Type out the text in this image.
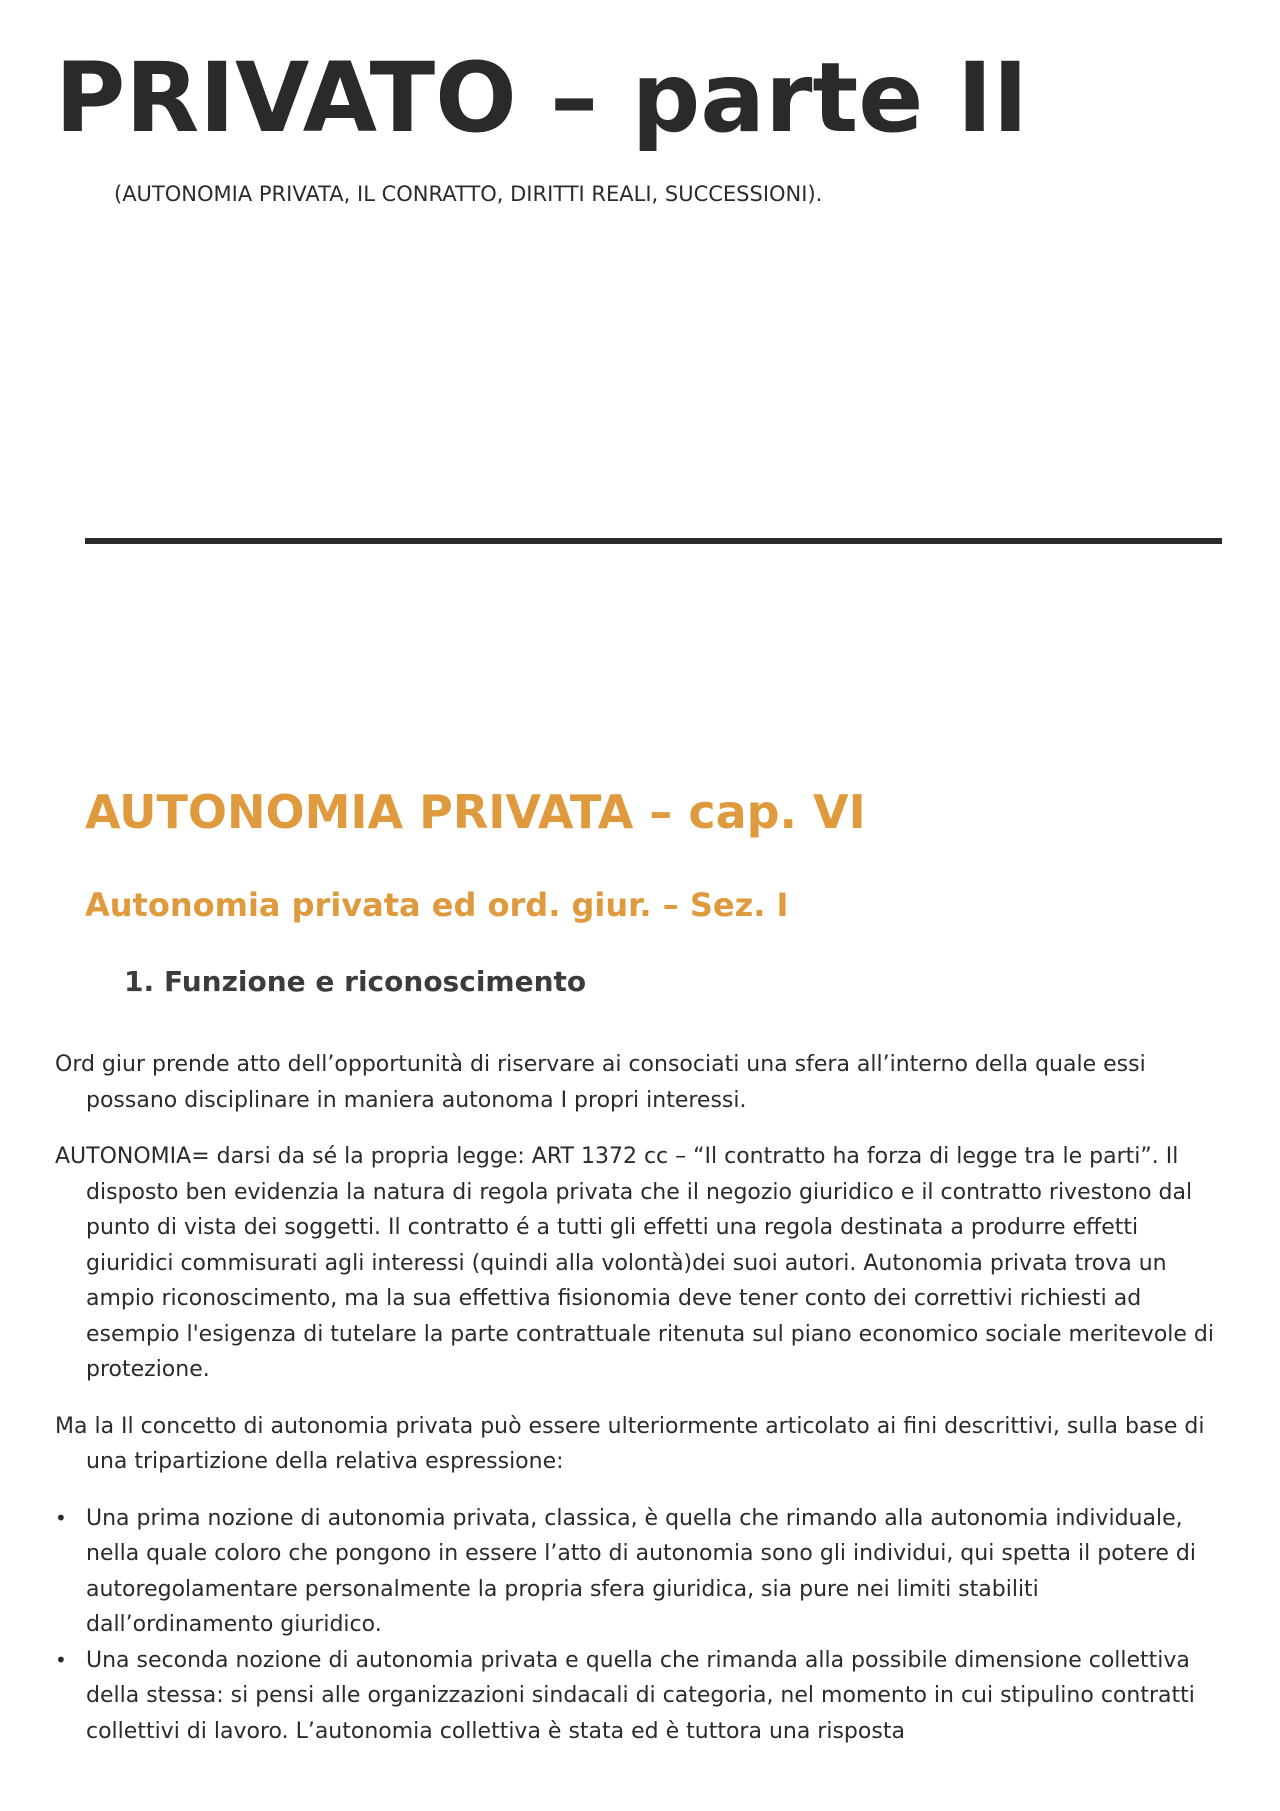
PRIVATO – parte II

(AUTONOMIA PRIVATA, IL CONRATTO, DIRITTI REALI, SUCCESSIONI).

AUTONOMIA PRIVATA – cap. VI
Autonomia privata ed ord. giur. – Sez. I
1. Funzione e riconoscimento

Ord giur prende atto dell’opportunità di riservare ai consociati una sfera all’interno della quale essi possano disciplinare in maniera autonoma I propri interessi.

AUTONOMIA= darsi da sé la propria legge: ART 1372 cc – “Il contratto ha forza di legge tra le parti”. Il disposto ben evidenzia la natura di regola privata che il negozio giuridico e il contratto rivestono dal punto di vista dei soggetti. Il contratto é a tutti gli effetti una regola destinata a produrre effetti giuridici commisurati agli interessi (quindi alla volontà)dei suoi autori. Autonomia privata trova un ampio riconoscimento, ma la sua effettiva fisionomia deve tener conto dei correttivi richiesti ad esempio l'esigenza di tutelare la parte contrattuale ritenuta sul piano economico sociale meritevole di protezione.

Ma la Il concetto di autonomia privata può essere ulteriormente articolato ai fini descrittivi, sulla base di una tripartizione della relativa espressione:

• Una prima nozione di autonomia privata, classica, è quella che rimando alla autonomia individuale, nella quale coloro che pongono in essere l’atto di autonomia sono gli individui, qui spetta il potere di autoregolamentare personalmente la propria sfera giuridica, sia pure nei limiti stabiliti dall’ordinamento giuridico.
• Una seconda nozione di autonomia privata e quella che rimanda alla possibile dimensione collettiva della stessa: si pensi alle organizzazioni sindacali di categoria, nel momento in cui stipulino contratti collettivi di lavoro. L’autonomia collettiva è stata ed è tuttora una risposta
